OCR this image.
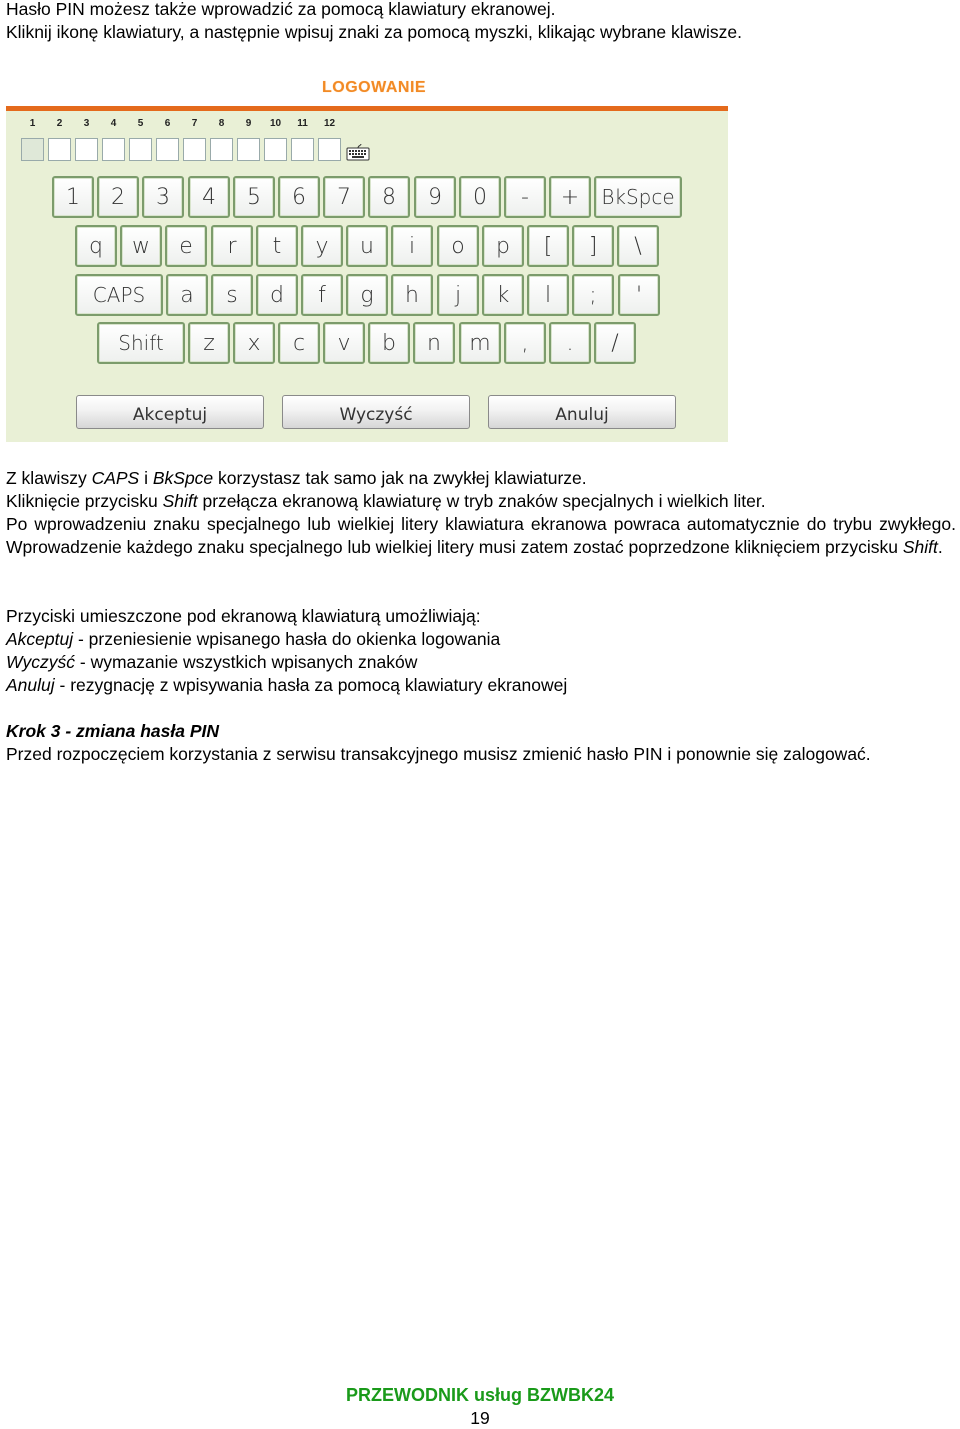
Hasło PIN możesz także wprowadzić za pomocą klawiatury ekranowej.

Kliknij ikonę klawiatury, a następnie wpisuj znaki za pomocą myszki, klikając wybrane klawisze.

LOGOWANIE
1	2	3	4	5	6	7	8	9	10	11	12
1 2 3 4 5 6 7 8 9 0 - + BkSpce
q w e r t y u i o p [ ] \
CAPS a s d f g h j k l ; '
Shift z x c v b n m , . /
Akceptuj	Wyczyść	Anuluj

Z klawiszy CAPS i BkSpce korzystasz tak samo jak na zwykłej klawiaturze.

Kliknięcie przycisku Shift przełącza ekranową klawiaturę w tryb znaków specjalnych i wielkich liter.

Po wprowadzeniu znaku specjalnego lub wielkiej litery klawiatura ekranowa powraca automatycznie do trybu zwykłego. Wprowadzenie każdego znaku specjalnego lub wielkiej litery musi zatem zostać poprzedzone kliknięciem przycisku Shift.

Przyciski umieszczone pod ekranową klawiaturą umożliwiają:

Akceptuj - przeniesienie wpisanego hasła do okienka logowania

Wyczyść - wymazanie wszystkich wpisanych znaków

Anuluj - rezygnację z wpisywania hasła za pomocą klawiatury ekranowej

Krok 3 - zmiana hasła PIN

Przed rozpoczęciem korzystania z serwisu transakcyjnego musisz zmienić hasło PIN i ponownie się zalogować.

PRZEWODNIK usług BZWBK24
19
